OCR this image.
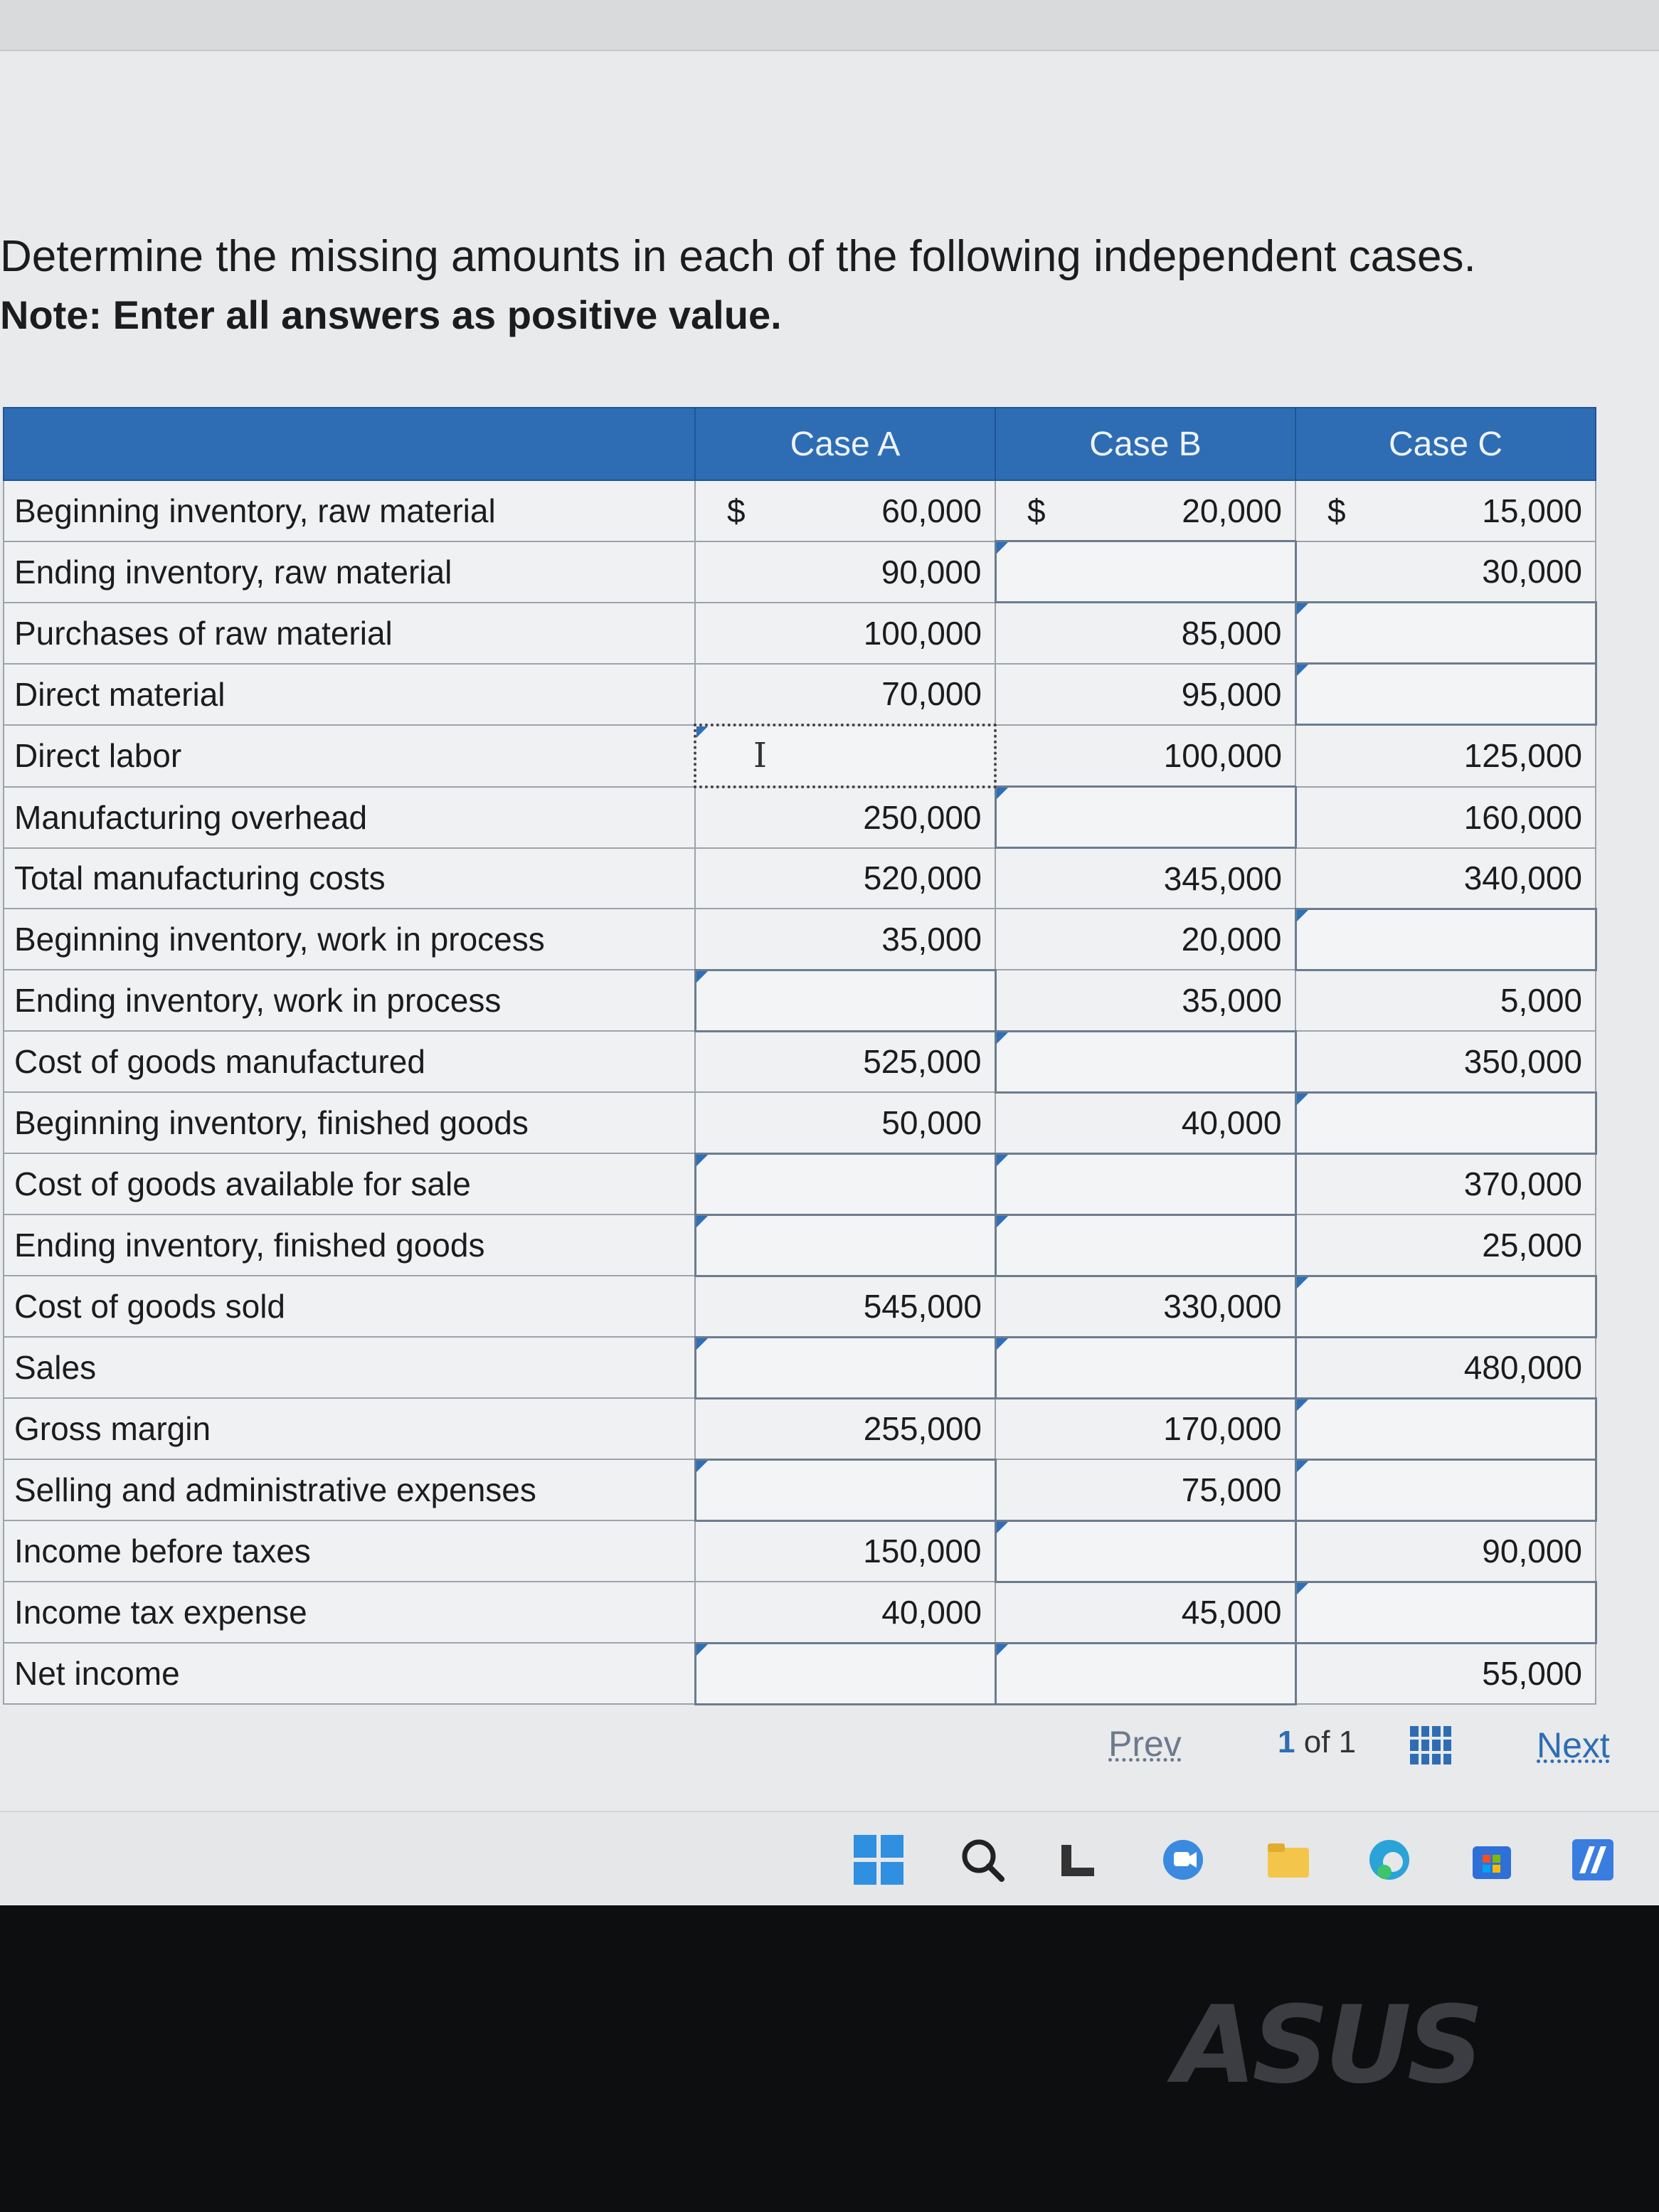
Determine the missing amounts in each of the following independent cases.

Note: Enter all answers as positive value.

	Case A	Case B	Case C
Beginning inventory, raw material	$ 60,000	$ 20,000	$ 15,000
Ending inventory, raw material	90,000		30,000
Purchases of raw material	100,000	85,000	
Direct material	70,000	95,000	
Direct labor	I	100,000	125,000
Manufacturing overhead	250,000		160,000
Total manufacturing costs	520,000	345,000	340,000
Beginning inventory, work in process	35,000	20,000	
Ending inventory, work in process		35,000	5,000
Cost of goods manufactured	525,000		350,000
Beginning inventory, finished goods	50,000	40,000	
Cost of goods available for sale			370,000
Ending inventory, finished goods			25,000
Cost of goods sold	545,000	330,000	
Sales			480,000
Gross margin	255,000	170,000	
Selling and administrative expenses		75,000	
Income before taxes	150,000		90,000
Income tax expense	40,000	45,000	
Net income			55,000
Prev	1 of 1	Next
ASUS
